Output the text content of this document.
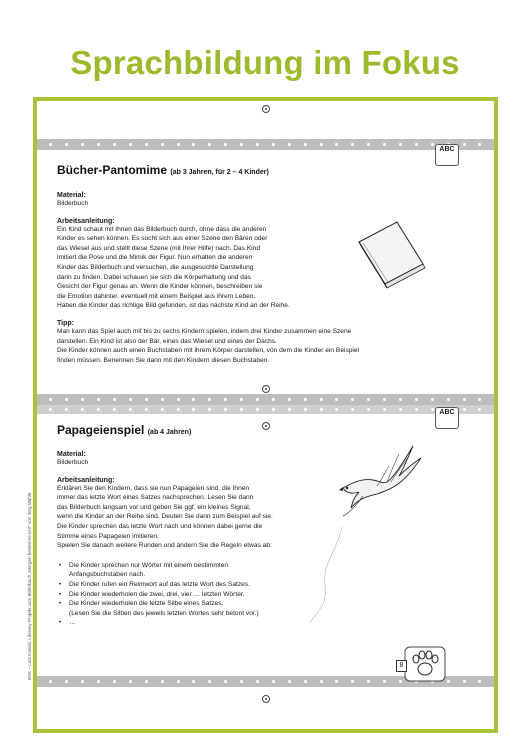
Sprachbildung im Fokus
ABC
ABC
Bücher-Pantomime (ab 3 Jahren, für 2 – 4 Kinder)
Material:

Bilderbuch

Arbeitsanleitung:

Ein Kind schaut mit Ihnen das Bilderbuch durch, ohne dass die anderen

Kinder es sehen können. Es sucht sich aus einer Szene den Bären oder

das Wiesel aus und stellt diese Szene (mit Ihrer Hilfe) nach. Das Kind

imitiert die Pose und die Mimik der Figur. Nun erhalten die anderen

Kinder das Bilderbuch und versuchen, die ausgesuchte Darstellung

darin zu finden. Dabei schauen sie sich die Körperhaltung und das

Gesicht der Figur genau an. Wenn die Kinder können, beschreiben sie

die Emotion dahinter, eventuell mit einem Beispiel aus ihrem Leben.

Haben die Kinder das richtige Bild gefunden, ist das nächste Kind an der Reihe.

Tipp:

Man kann das Spiel auch mit bis zu sechs Kindern spielen, indem drei Kinder zusammen eine Szene

darstellen. Ein Kind ist also der Bär, eines das Wiesel und eines der Dachs.

Die Kinder können auch einen Buchstaben mit ihrem Körper darstellen, von dem die Kinder ein Beispiel

finden müssen. Benennen Sie dann mit den Kindern diesen Buchstaben.

Papageienspiel (ab 4 Jahren)
Material:

Bilderbuch

Arbeitsanleitung:

Erklären Sie den Kindern, dass sie nun Papageien sind, die Ihnen

immer das letzte Wort eines Satzes nachsprechen. Lesen Sie dann

das Bilderbuch langsam vor und geben Sie ggf. ein kleines Signal,

wenn die Kinder an der Reihe sind. Deuten Sie dann zum Beispiel auf sie.

Die Kinder sprechen das letzte Wort nach und können dabei gerne die

Stimme eines Papageien imitieren.

Spielen Sie danach weitere Runden und ändern Sie die Regeln etwas ab:

• Die Kinder sprechen nur Wörter mit einem bestimmten

Anfangsbuchstaben nach.

• Die Kinder rufen ein Reimwort auf das letzte Wort des Satzes.
• Die Kinder wiederholen die zwei, drei, vier … letzten Wörter.
• Die Kinder wiederholen die letzte Silbe eines Satzes.

(Lesen Sie die Silben des jeweils letzten Wortes sehr betont vor.)

• …
8
BVK – Lutz Kassis: Literacy-Projekt zum Bilderbuch „Morgen bestimme ich!“ von Jörg Mühle
